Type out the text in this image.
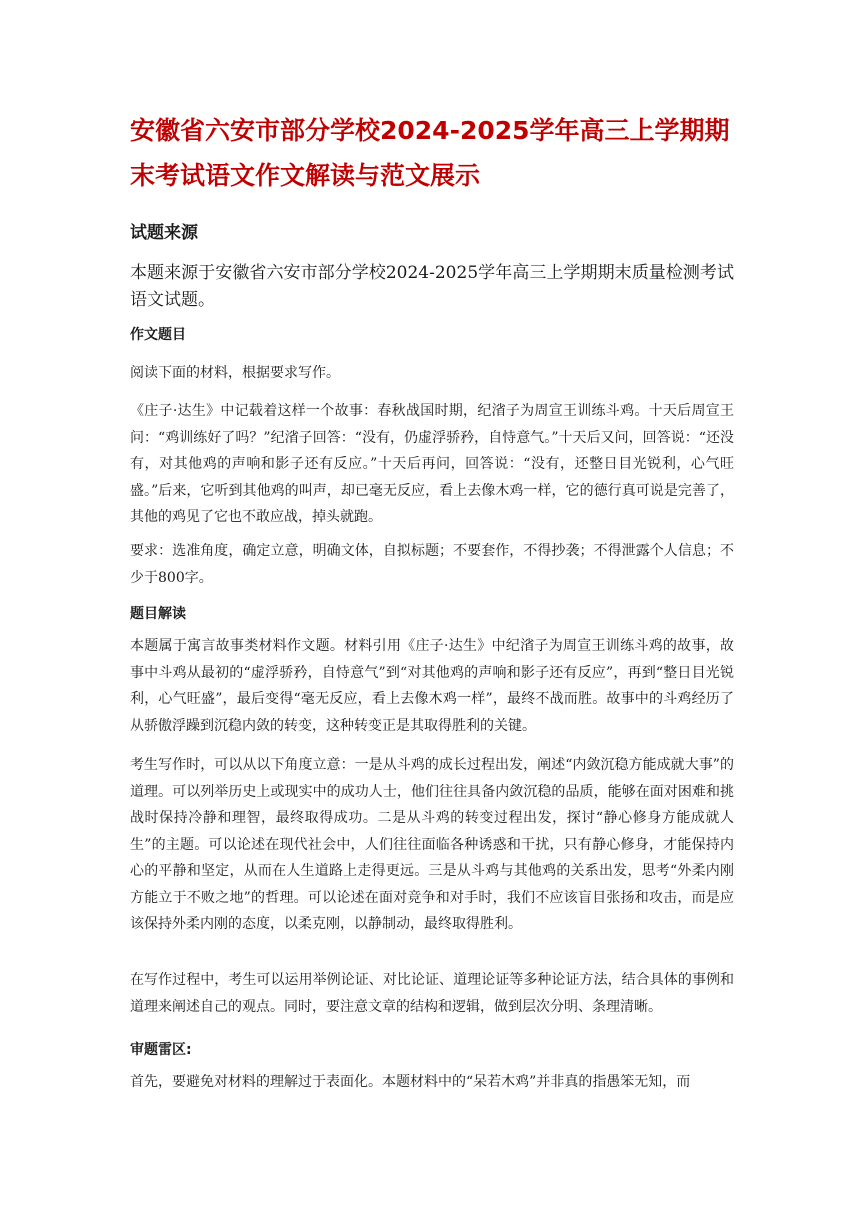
安徽省六安市部分学校2024-2025学年高三上学期期末考试语文作文解读与范文展示
试题来源

本题来源于安徽省六安市部分学校2024-2025学年高三上学期期末质量检测考试语文试题。

作文题目

阅读下面的材料，根据要求写作。

《庄子·达生》中记载着这样一个故事：春秋战国时期，纪渻子为周宣王训练斗鸡。十天后周宣王问：“鸡训练好了吗？”纪渻子回答：“没有，仍虚浮骄矜，自恃意气。”十天后又问，回答说：“还没有，对其他鸡的声响和影子还有反应。”十天后再问，回答说：“没有，还整日目光锐利，心气旺盛。”后来，它听到其他鸡的叫声，却已毫无反应，看上去像木鸡一样，它的德行真可说是完善了，其他的鸡见了它也不敢应战，掉头就跑。

要求：选准角度，确定立意，明确文体，自拟标题；不要套作，不得抄袭；不得泄露个人信息；不少于800字。

题目解读

本题属于寓言故事类材料作文题。材料引用《庄子·达生》中纪渻子为周宣王训练斗鸡的故事，故事中斗鸡从最初的“虚浮骄矜，自恃意气”到“对其他鸡的声响和影子还有反应”，再到“整日目光锐利，心气旺盛”，最后变得“毫无反应，看上去像木鸡一样”，最终不战而胜。故事中的斗鸡经历了从骄傲浮躁到沉稳内敛的转变，这种转变正是其取得胜利的关键。

考生写作时，可以从以下角度立意：一是从斗鸡的成长过程出发，阐述“内敛沉稳方能成就大事”的道理。可以列举历史上或现实中的成功人士，他们往往具备内敛沉稳的品质，能够在面对困难和挑战时保持冷静和理智，最终取得成功。二是从斗鸡的转变过程出发，探讨“静心修身方能成就人生”的主题。可以论述在现代社会中，人们往往面临各种诱惑和干扰，只有静心修身，才能保持内心的平静和坚定，从而在人生道路上走得更远。三是从斗鸡与其他鸡的关系出发，思考“外柔内刚方能立于不败之地”的哲理。可以论述在面对竞争和对手时，我们不应该盲目张扬和攻击，而是应该保持外柔内刚的态度，以柔克刚，以静制动，最终取得胜利。

在写作过程中，考生可以运用举例论证、对比论证、道理论证等多种论证方法，结合具体的事例和道理来阐述自己的观点。同时，要注意文章的结构和逻辑，做到层次分明、条理清晰。

审题雷区:

首先，要避免对材料的理解过于表面化。本题材料中的“呆若木鸡”并非真的指愚笨无知，而
